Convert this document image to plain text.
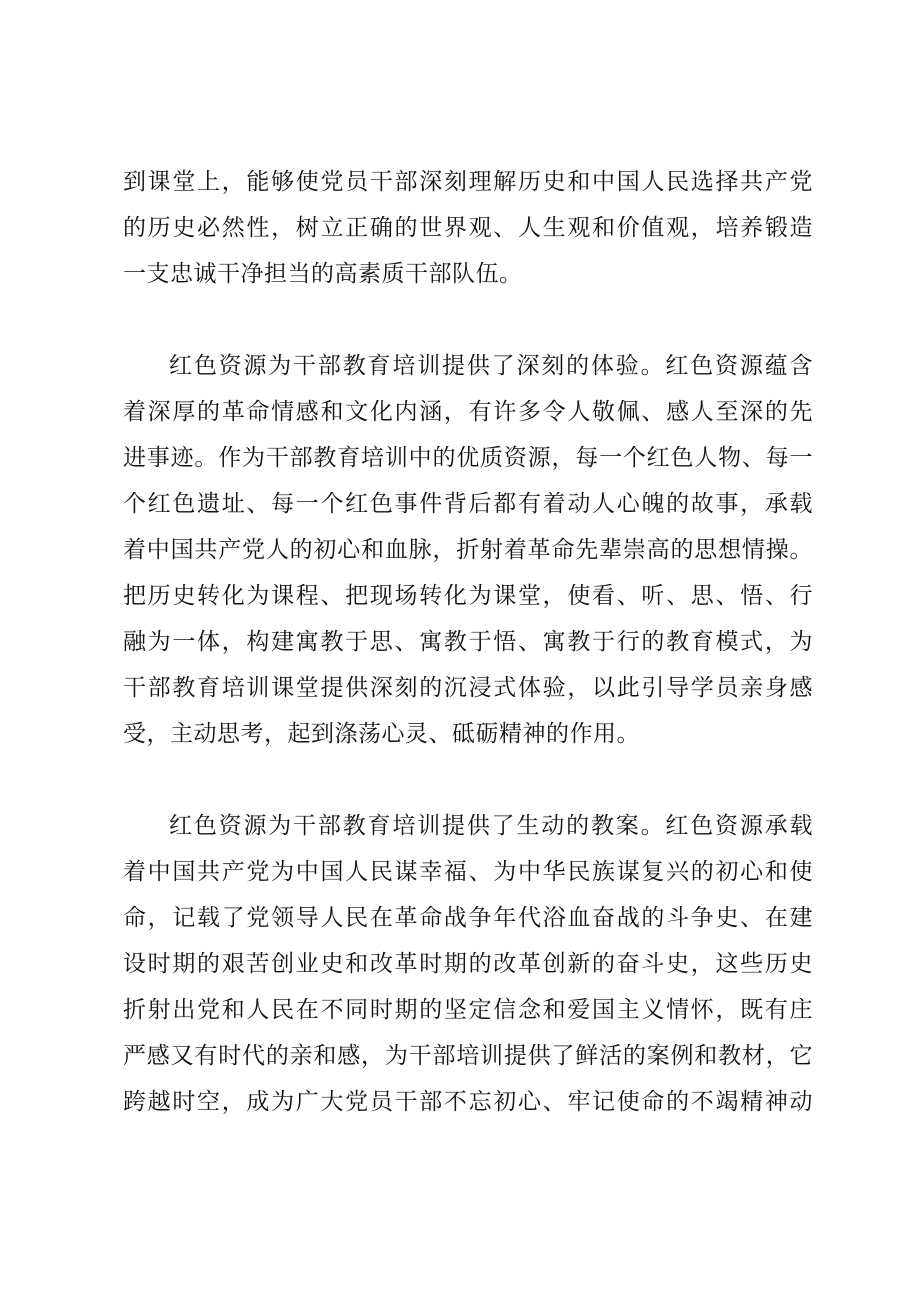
到课堂上，能够使党员干部深刻理解历史和中国人民选择共产党
的历史必然性，树立正确的世界观、人生观和价值观，培养锻造
一支忠诚干净担当的高素质干部队伍。
红色资源为干部教育培训提供了深刻的体验。红色资源蕴含
着深厚的革命情感和文化内涵，有许多令人敬佩、感人至深的先
进事迹。作为干部教育培训中的优质资源，每一个红色人物、每一
个红色遗址、每一个红色事件背后都有着动人心魄的故事，承载
着中国共产党人的初心和血脉，折射着革命先辈崇高的思想情操。
把历史转化为课程、把现场转化为课堂，使看、听、思、悟、行
融为一体，构建寓教于思、寓教于悟、寓教于行的教育模式，为
干部教育培训课堂提供深刻的沉浸式体验，以此引导学员亲身感
受，主动思考，起到涤荡心灵、砥砺精神的作用。
红色资源为干部教育培训提供了生动的教案。红色资源承载
着中国共产党为中国人民谋幸福、为中华民族谋复兴的初心和使
命，记载了党领导人民在革命战争年代浴血奋战的斗争史、在建
设时期的艰苦创业史和改革时期的改革创新的奋斗史，这些历史
折射出党和人民在不同时期的坚定信念和爱国主义情怀，既有庄
严感又有时代的亲和感，为干部培训提供了鲜活的案例和教材，它
跨越时空，成为广大党员干部不忘初心、牢记使命的不竭精神动
